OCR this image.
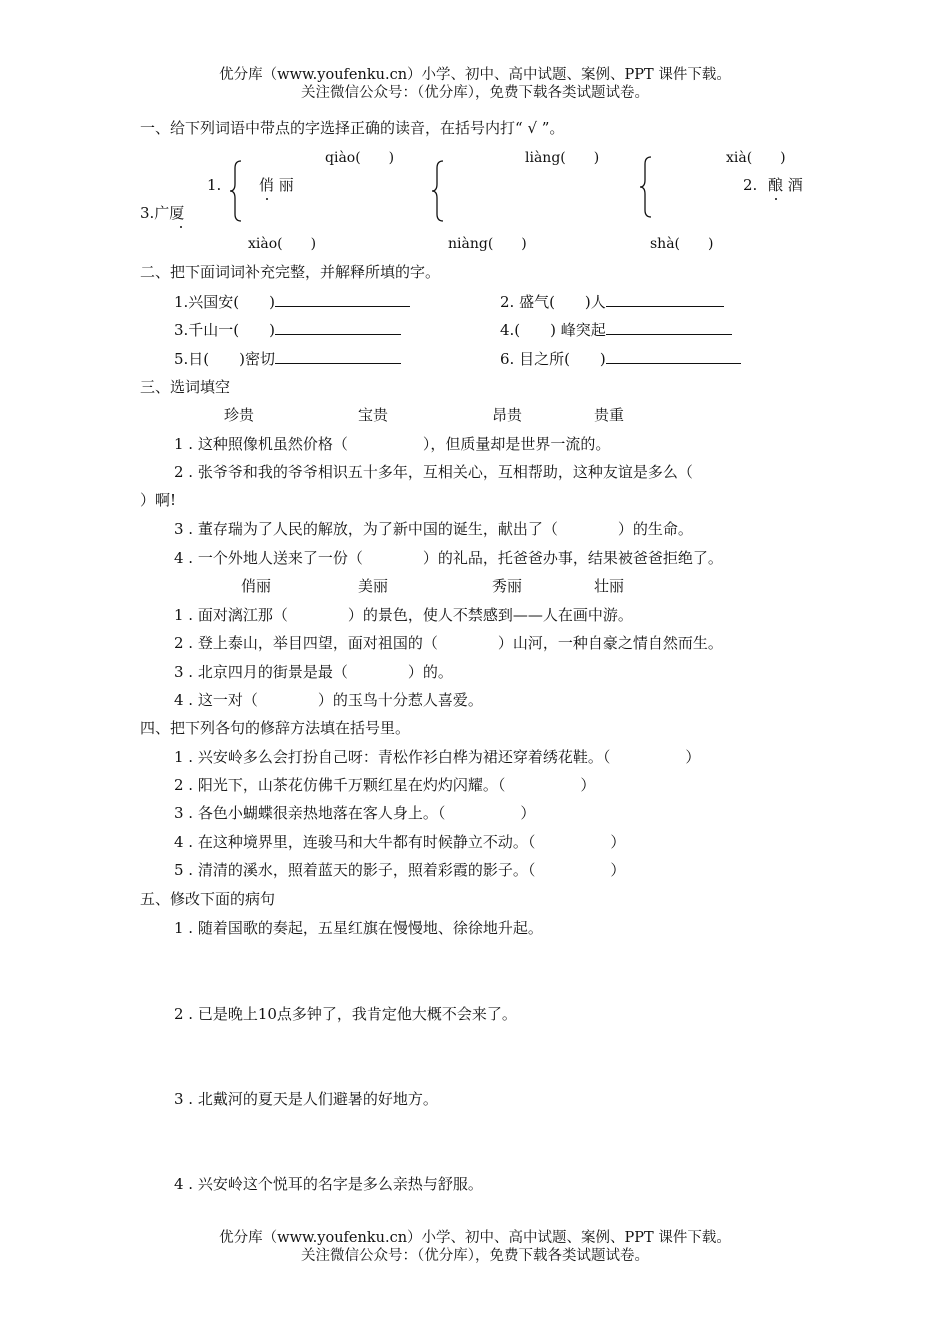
优分库（www.youfenku.cn）小学、初中、高中试题、案例、PPT 课件下载。
关注微信公众号：（优分库），免费下载各类试题试卷。
一、给下列词语中带点的字选择正确的读音，在括号内打“ √ ”。
qiào(　　)	liàng(　　)	xià(　　)
1.	俏 丽	2. 酿 酒
3.广厦
xiào(　　)	niàng(　　)	shà(　　)
二、把下面词词补充完整，并解释所填的字。
1.兴国安(　　)	2. 盛气(　　)人
3.千山一(　　)	4.(　　) 峰突起
5.日(　　)密切	6. 目之所(　　)
三、选词填空
珍贵	宝贵	昂贵	贵重
1 . 这种照像机虽然价格（　　　　　），但质量却是世界一流的。
2 . 张爷爷和我的爷爷相识五十多年，互相关心，互相帮助，这种友谊是多么（
）啊!
3 . 董存瑞为了人民的解放，为了新中国的诞生，献出了（　　　　）的生命。
4 . 一个外地人送来了一份（　　　　）的礼品，托爸爸办事，结果被爸爸拒绝了。
俏丽	美丽	秀丽	壮丽
1 . 面对漓江那（　　　　）的景色，使人不禁感到——人在画中游。
2 . 登上泰山，举目四望，面对祖国的（　　　　）山河，一种自豪之情自然而生。
3 . 北京四月的街景是最（　　　　）的。
4 . 这一对（　　　　）的玉鸟十分惹人喜爱。
四、把下列各句的修辞方法填在括号里。
1 . 兴安岭多么会打扮自己呀：青松作衫白桦为裙还穿着绣花鞋。（　　　　　）
2 . 阳光下，山茶花仿佛千万颗红星在灼灼闪耀。（　　　　　）
3 . 各色小蝴蝶很亲热地落在客人身上。（　　　　　）
4 . 在这种境界里，连骏马和大牛都有时候静立不动。（　　　　　）
5 . 清清的溪水，照着蓝天的影子，照着彩霞的影子。（　　　　　）
五、修改下面的病句
1 . 随着国歌的奏起，五星红旗在慢慢地、徐徐地升起。
2 . 已是晚上10点多钟了，我肯定他大概不会来了。
3 . 北戴河的夏天是人们避暑的好地方。
4 . 兴安岭这个悦耳的名字是多么亲热与舒服。
优分库（www.youfenku.cn）小学、初中、高中试题、案例、PPT 课件下载。
关注微信公众号：（优分库），免费下载各类试题试卷。
